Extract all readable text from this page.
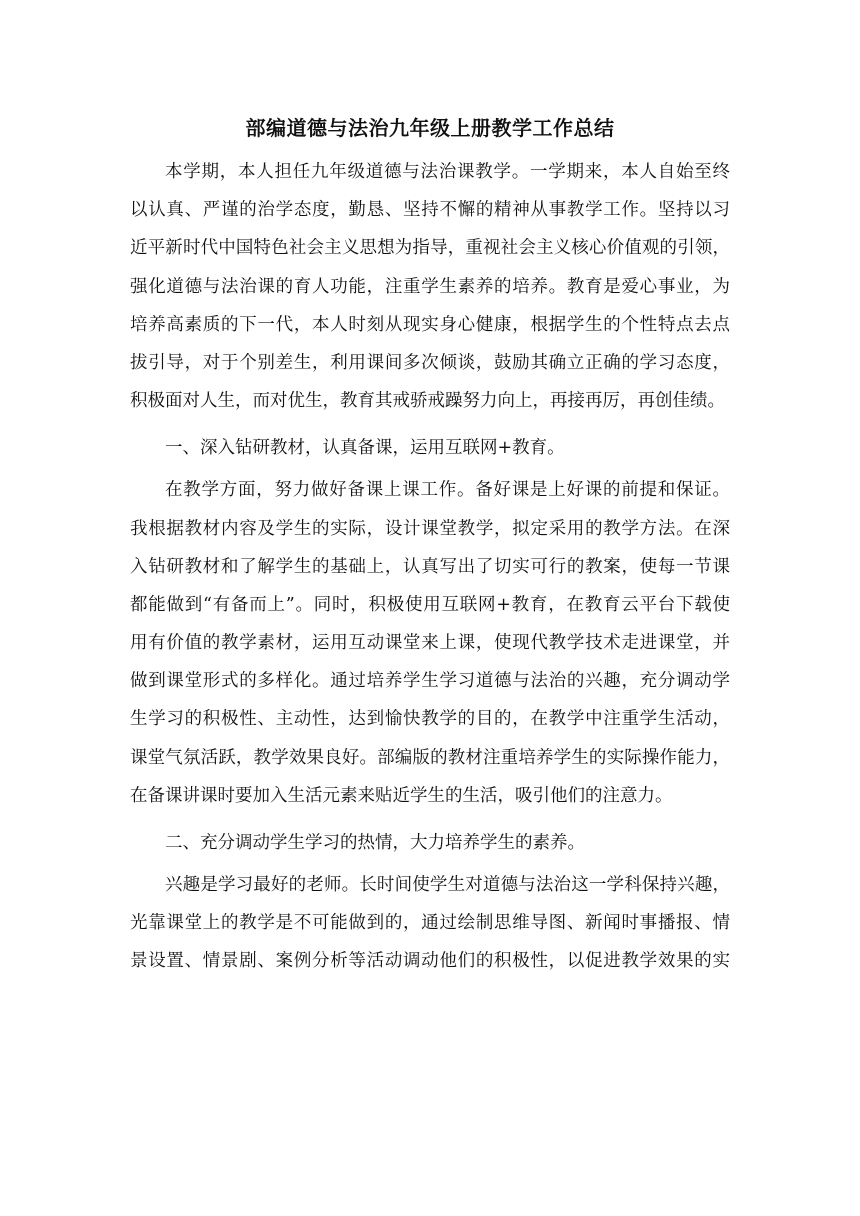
部编道德与法治九年级上册教学工作总结
本学期，本人担任九年级道德与法治课教学。一学期来，本人自始至终
以认真、严谨的治学态度，勤恳、坚持不懈的精神从事教学工作。坚持以习
近平新时代中国特色社会主义思想为指导，重视社会主义核心价值观的引领，
强化道德与法治课的育人功能，注重学生素养的培养。教育是爱心事业，为
培养高素质的下一代，本人时刻从现实身心健康，根据学生的个性特点去点
拔引导，对于个别差生，利用课间多次倾谈，鼓励其确立正确的学习态度，
积极面对人生，而对优生，教育其戒骄戒躁努力向上，再接再厉，再创佳绩。
一、深入钻研教材，认真备课，运用互联网+教育。
在教学方面，努力做好备课上课工作。备好课是上好课的前提和保证。
我根据教材内容及学生的实际，设计课堂教学，拟定采用的教学方法。在深
入钻研教材和了解学生的基础上，认真写出了切实可行的教案，使每一节课
都能做到“有备而上”。同时，积极使用互联网+教育，在教育云平台下载使
用有价值的教学素材，运用互动课堂来上课，使现代教学技术走进课堂，并
做到课堂形式的多样化。通过培养学生学习道德与法治的兴趣，充分调动学
生学习的积极性、主动性，达到愉快教学的目的，在教学中注重学生活动，
课堂气氛活跃，教学效果良好。部编版的教材注重培养学生的实际操作能力，
在备课讲课时要加入生活元素来贴近学生的生活，吸引他们的注意力。
二、充分调动学生学习的热情，大力培养学生的素养。
兴趣是学习最好的老师。长时间使学生对道德与法治这一学科保持兴趣，
光靠课堂上的教学是不可能做到的，通过绘制思维导图、新闻时事播报、情
景设置、情景剧、案例分析等活动调动他们的积极性，以促进教学效果的实
